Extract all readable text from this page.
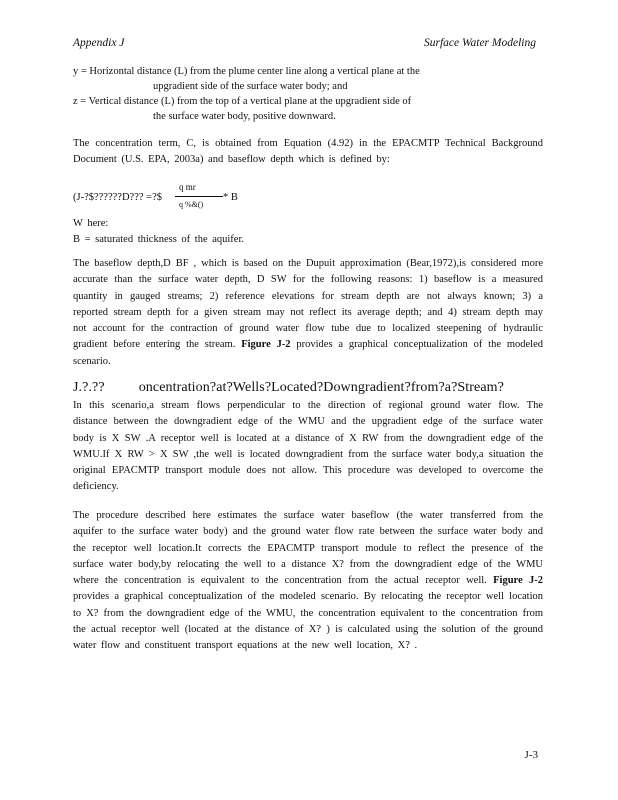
Appendix J	Surface Water Modeling
y = Horizontal distance (L) from the plume center line along a vertical plane at the
upgradient side of the surface water body; and
z = Vertical distance (L) from the top of a vertical plane at the upgradient side of
the surface water body, positive downward.
The concentration term, C, is obtained from Equation (4.92) in the EPACMTP Technical Background Document (U.S. EPA, 2003a) and baseflow depth which is defined by:
(J-?$??????D??? =?$
q mr
q %&()
* B
W here:
B = saturated thickness of the aquifer.
The baseflow depth,D BF , which is based on the Dupuit approximation (Bear,1972),is considered more accurate than the surface water depth, D SW for the following reasons: 1) baseflow is a measured quantity in gauged streams; 2) reference elevations for stream depth are not always known; 3) a reported stream depth for a given stream may not reflect its average depth; and 4) stream depth may not account for the contraction of ground water flow tube due to localized steepening of hydraulic gradient before entering the stream. Figure J-2 provides a graphical conceptualization of the modeled scenario.
J.?.?? oncentration?at?Wells?Located?Downgradient?from?a?Stream?
In this scenario,a stream flows perpendicular to the direction of regional ground water flow. The distance between the downgradient edge of the WMU and the upgradient edge of the surface water body is X SW .A receptor well is located at a distance of X RW from the downgradient edge of the WMU.If X RW > X SW ,the well is located downgradient from the surface water body,a situation the original EPACMTP transport module does not allow. This procedure was developed to overcome the deficiency.
The procedure described here estimates the surface water baseflow (the water transferred from the aquifer to the surface water body) and the ground water flow rate between the surface water body and the receptor well location.It corrects the EPACMTP transport module to reflect the presence of the surface water body,by relocating the well to a distance X? from the downgradient edge of the WMU where the concentration is equivalent to the concentration from the actual receptor well. Figure J-2 provides a graphical conceptualization of the modeled scenario. By relocating the receptor well location to X? from the downgradient edge of the WMU, the concentration equivalent to the concentration from the actual receptor well (located at the distance of X? ) is calculated using the solution of the ground water flow and constituent transport equations at the new well location, X? .
J-3
